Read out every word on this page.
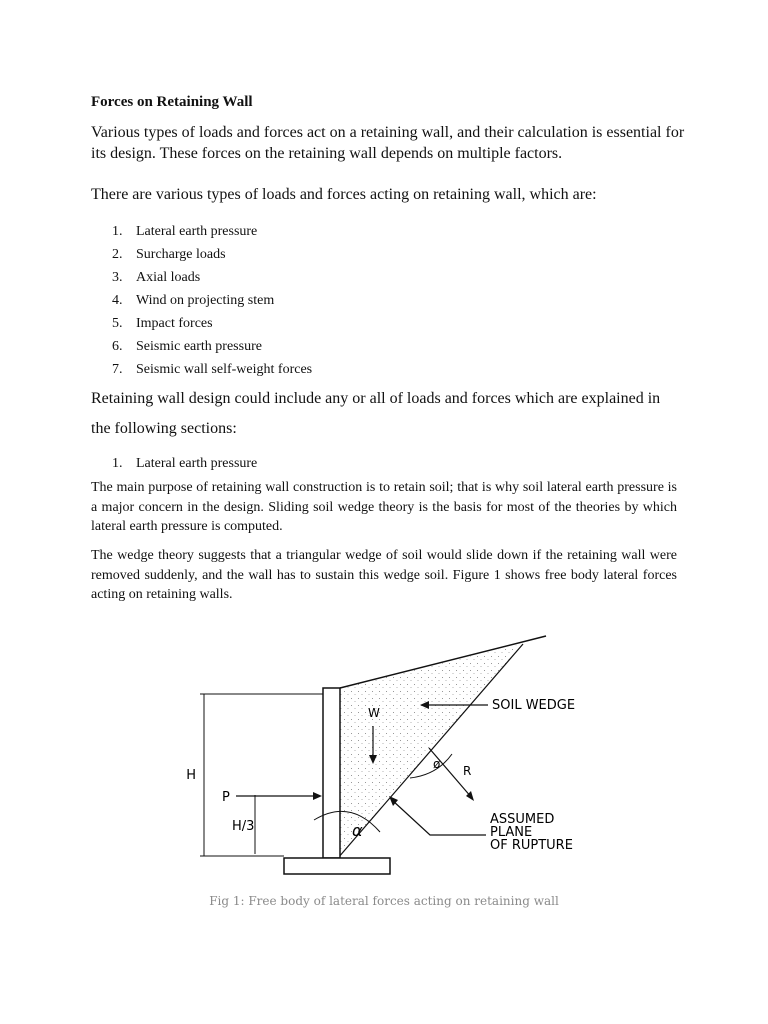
Forces on Retaining Wall

Various types of loads and forces act on a retaining wall, and their calculation is essential for its design. These forces on the retaining wall depends on multiple factors.

There are various types of loads and forces acting on retaining wall, which are:

1. Lateral earth pressure
2. Surcharge loads
3. Axial loads
4. Wind on projecting stem
5. Impact forces
6. Seismic earth pressure
7. Seismic wall self-weight forces

Retaining wall design could include any or all of loads and forces which are explained in

the following sections:

1. Lateral earth pressure

The main purpose of retaining wall construction is to retain soil; that is why soil lateral earth pressure is a major concern in the design. Sliding soil wedge theory is the basis for most of the theories by which lateral earth pressure is computed.

The wedge theory suggests that a triangular wedge of soil would slide down if the retaining wall were removed suddenly, and the wall has to sustain this wedge soil. Figure 1 shows free body lateral forces acting on retaining walls.

H
H/3
P
W	SOIL WEDGE
ø R
α
ASSUMED
PLANE
OF RUPTURE

Fig 1: Free body of lateral forces acting on retaining wall
